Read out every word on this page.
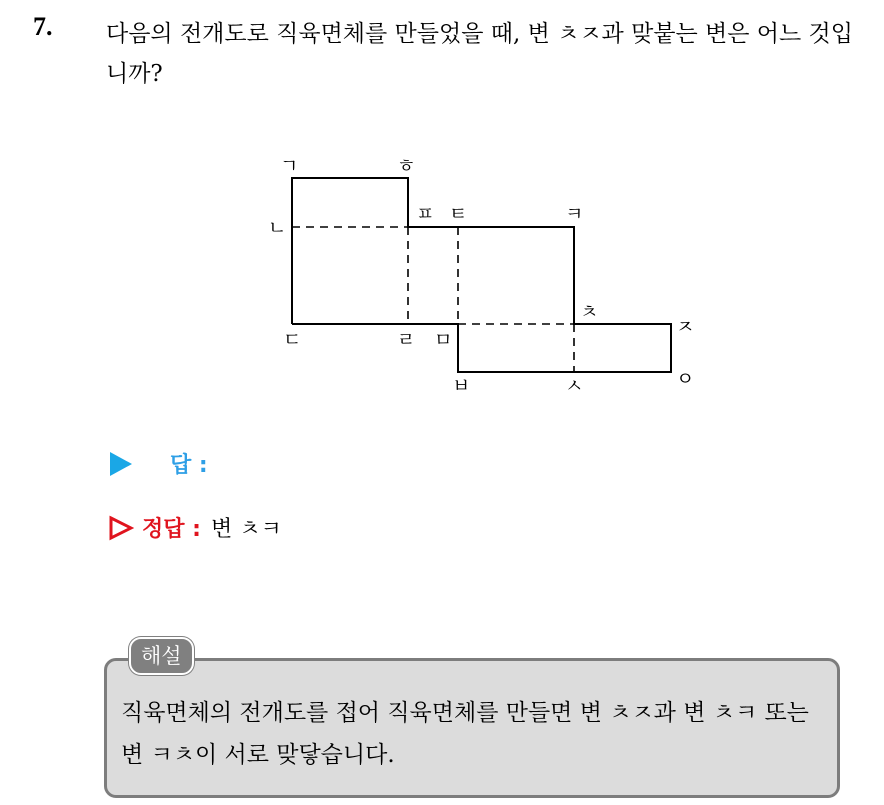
7. 다음의 전개도로 직육면체를 만들었을 때, 변 ㅊㅈ과 맞붙는 변은 어느 것입니까?
ㄱ	ㅎ
ㄴ
ㅍ ㅌ	ㅋ
ㄷ	ㄹ ㅁ
ㅊ
ㅈ
ㅂ	ㅅ	ㅇ
답 :
정답 : 변 ㅊㅋ
해설
직육면체의 전개도를 접어 직육면체를 만들면 변 ㅊㅈ과 변 ㅊㅋ 또는 변 ㅋㅊ이 서로 맞닿습니다.
